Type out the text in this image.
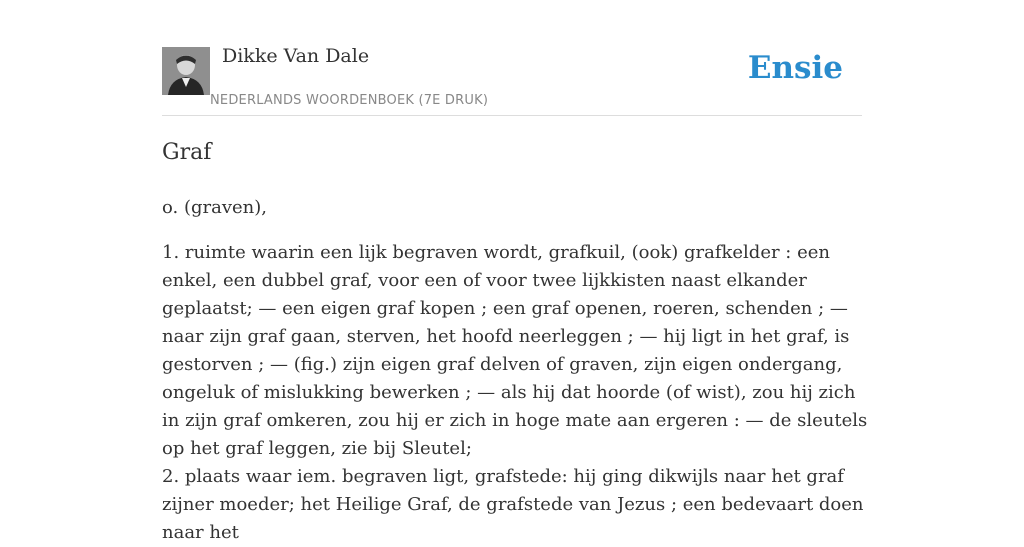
Dikke Van Dale
NEDERLANDS WOORDENBOEK (7E DRUK)
Ensie
Graf

o. (graven),

1. ruimte waarin een lijk begraven wordt, grafkuil, (ook) grafkelder : een enkel, een dubbel graf, voor een of voor twee lijkkisten naast elkander geplaatst; — een eigen graf kopen ; een graf openen, roeren, schenden ; — naar zijn graf gaan, sterven, het hoofd neerleggen ; — hij ligt in het graf, is gestorven ; — (fig.) zijn eigen graf delven of graven, zijn eigen ondergang, ongeluk of mislukking bewerken ; — als hij dat hoorde (of wist), zou hij zich in zijn graf omkeren, zou hij er zich in hoge mate aan ergeren : — de sleutels op het graf leggen, zie bij Sleutel;
2. plaats waar iem. begraven ligt, grafstede: hij ging dikwijls naar het graf zijner moeder; het Heilige Graf, de grafstede van Jezus ; een bedevaart doen naar het
